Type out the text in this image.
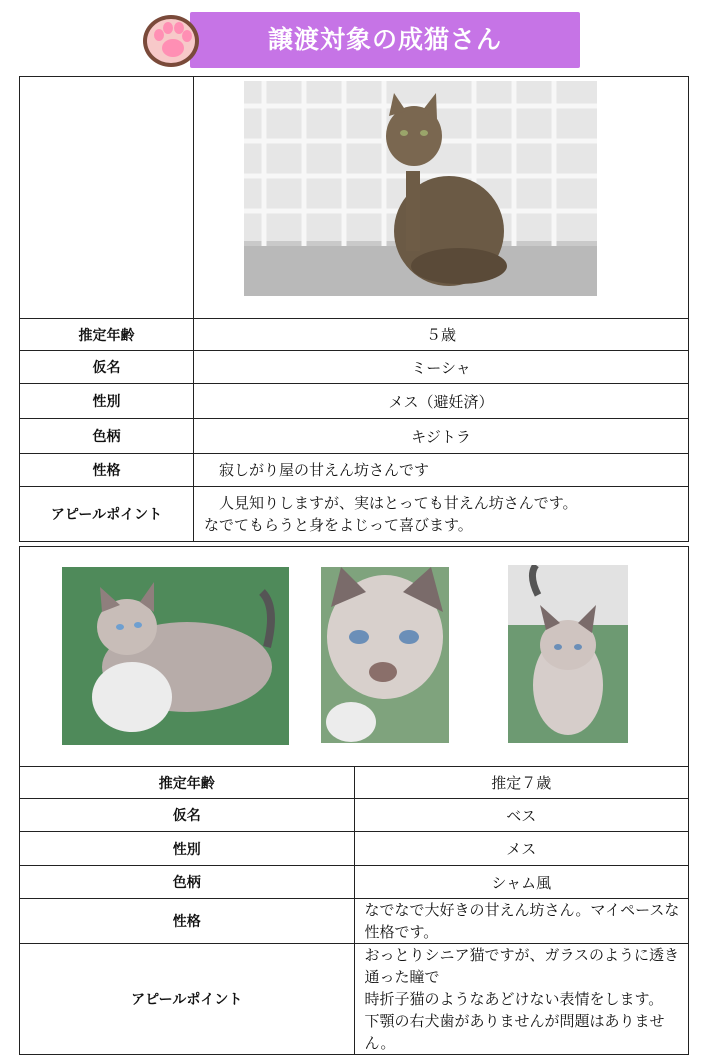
譲渡対象の成猫さん

推定年齢	５歳
仮名	ミーシャ
性別	メス（避妊済）
色柄	キジトラ
性格	　寂しがり屋の甘えん坊さんです
アピールポイント	　人見知りしますが、実はとっても甘えん坊さんです。
なでてもらうと身をよじって喜びます。

推定年齢	推定７歳
仮名	ベス
性別	メス
色柄	シャム風
性格	なでなで大好きの甘えん坊さん。マイペースな性格です。
アピールポイント	おっとりシニア猫ですが、ガラスのように透き通った瞳で
時折子猫のようなあどけない表情をします。
下顎の右犬歯がありませんが問題はありません。
